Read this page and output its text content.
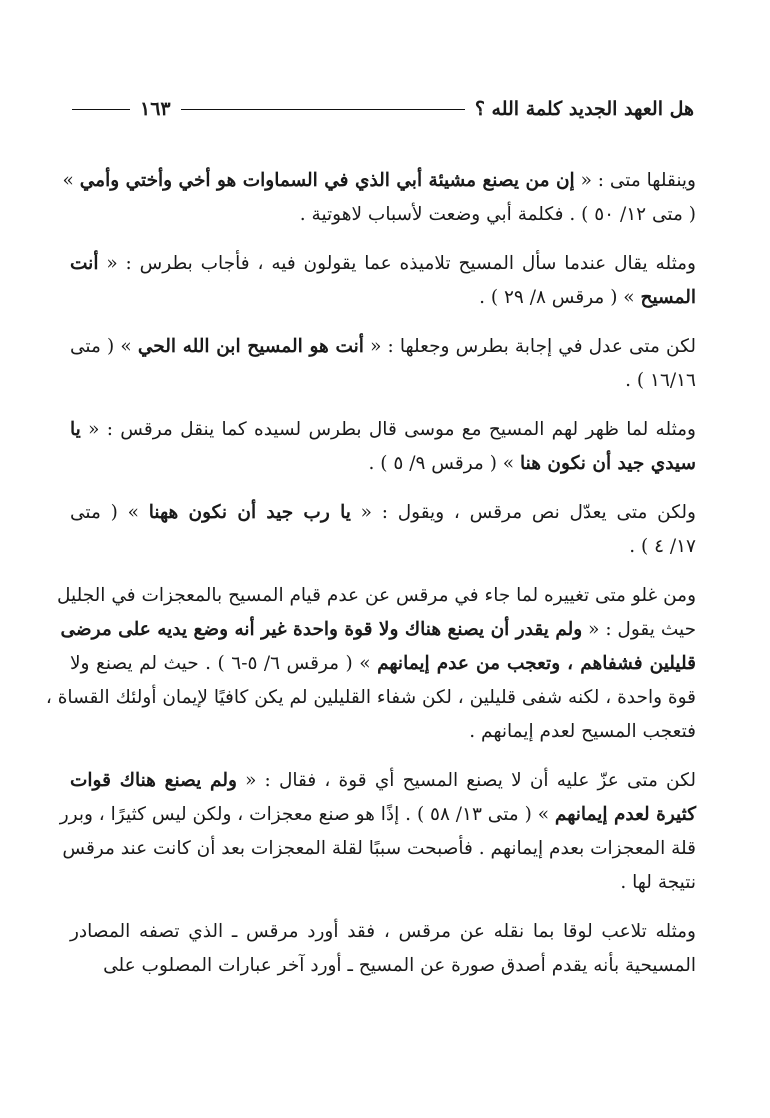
هل العهد الجديد كلمة الله ؟
١٦٣
وينقلها متى : « إن من يصنع مشيئة أبي الذي في السماوات هو أخي وأختي وأمي »
( متى ١٢/ ٥٠ ) . فكلمة أبي وضعت لأسباب لاهوتية .
ومثله يقال عندما سأل المسيح تلاميذه عما يقولون فيه ، فأجاب بطرس : « أنت
المسيح » ( مرقس ٨/ ٢٩ ) .
لكن متى عدل في إجابة بطرس وجعلها : « أنت هو المسيح ابن الله الحي » ( متى
١٦/١٦ ) .
ومثله لما ظهر لهم المسيح مع موسى قال بطرس لسيده كما ينقل مرقس : « يا
سيدي جيد أن نكون هنا » ( مرقس ٩/ ٥ ) .
ولكن متى يعدّل نص مرقس ، ويقول : « يا رب جيد أن نكون ههنا » ( متى
١٧/ ٤ ) .
ومن غلو متى تغييره لما جاء في مرقس عن عدم قيام المسيح بالمعجزات في الجليل
حيث يقول : « ولم يقدر أن يصنع هناك ولا قوة واحدة غير أنه وضع يديه على مرضى
قليلين فشفاهم ، وتعجب من عدم إيمانهم » ( مرقس ٦/ ٥-٦ ) . حيث لم يصنع ولا
قوة واحدة ، لكنه شفى قليلين ، لكن شفاء القليلين لم يكن كافيًا لإيمان أولئك القساة ،
فتعجب المسيح لعدم إيمانهم .
لكن متى عزّ عليه أن لا يصنع المسيح أي قوة ، فقال : « ولم يصنع هناك قوات
كثيرة لعدم إيمانهم » ( متى ١٣/ ٥٨ ) . إذًا هو صنع معجزات ، ولكن ليس كثيرًا ، وبرر
قلة المعجزات بعدم إيمانهم . فأصبحت سببًا لقلة المعجزات بعد أن كانت عند مرقس
نتيجة لها .
ومثله تلاعب لوقا بما نقله عن مرقس ، فقد أورد مرقس ـ الذي تصفه المصادر
المسيحية بأنه يقدم أصدق صورة عن المسيح ـ أورد آخر عبارات المصلوب على
